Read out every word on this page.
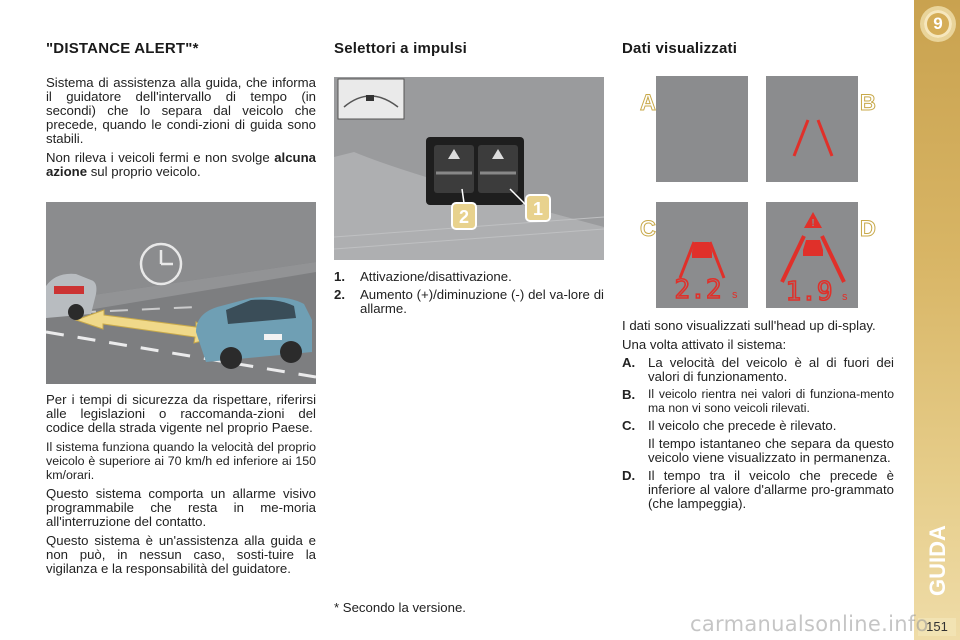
"DISTANCE ALERT"*

Sistema di assistenza alla guida, che informa il guidatore dell'intervallo di tempo (in secondi) che lo separa dal veicolo che precede, quando le condi-zioni di guida sono stabili.

Non rileva i veicoli fermi e non svolge alcuna azione sul proprio veicolo.

Per i tempi di sicurezza da rispettare, riferirsi alle legislazioni o raccomanda-zioni del codice della strada vigente nel proprio Paese.

Il sistema funziona quando la velocità del proprio veicolo è superiore ai 70 km/h ed inferiore ai 150 km/orari.

Questo sistema comporta un allarme visivo programmabile che resta in me-moria all'interruzione del contatto.

Questo sistema è un'assistenza alla guida e non può, in nessun caso, sosti-tuire la vigilanza e la responsabilità del guidatore.

Selettori a impulsi
2	1
1.	Attivazione/disattivazione.
2.	Aumento (+)/diminuzione (-) del va-lore di allarme.

* Secondo la versione.

Dati visualizzati
2.2 s
!
1.9 s
A	B
C	D

I dati sono visualizzati sull'head up di-splay.

Una volta attivato il sistema:

A. La velocità del veicolo è al di fuori dei valori di funzionamento.
B.	Il veicolo rientra nei valori di funziona-mento ma non vi sono veicoli rilevati.
C. Il veicolo che precede è rilevato.
Il tempo istantaneo che separa da questo veicolo viene visualizzato in permanenza.
D. Il tempo tra il veicolo che precede è inferiore al valore d'allarme pro-grammato (che lampeggia).
9
GUIDA
151
carmanualsonline.info
